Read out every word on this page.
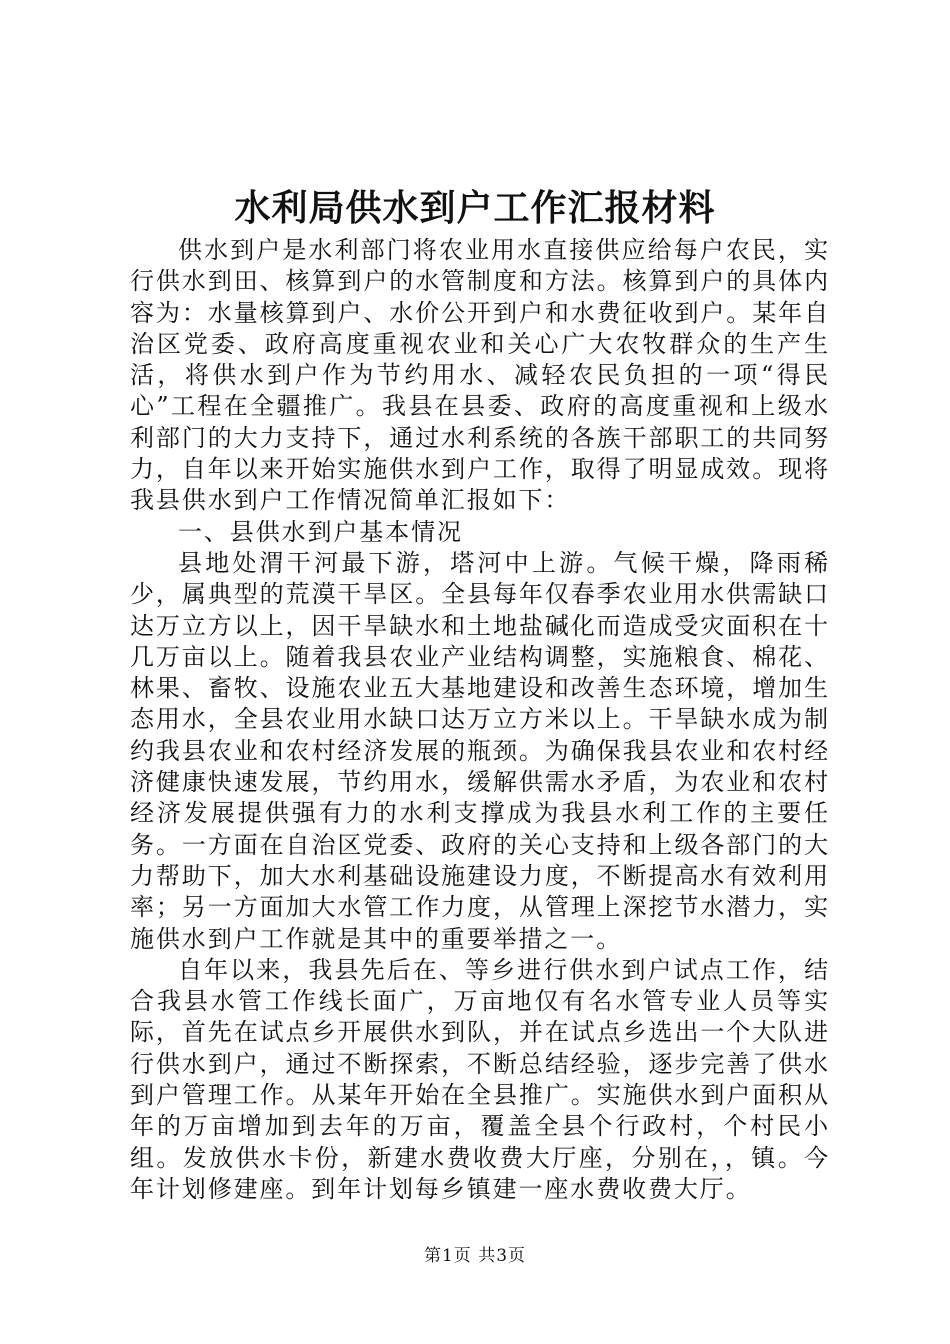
水利局供水到户工作汇报材料

供水到户是水利部门将农业用水直接供应给每户农民，实行供水到田、核算到户的水管制度和方法。核算到户的具体内容为：水量核算到户、水价公开到户和水费征收到户。某年自治区党委、政府高度重视农业和关心广大农牧群众的生产生活，将供水到户作为节约用水、减轻农民负担的一项“得民心”工程在全疆推广。我县在县委、政府的高度重视和上级水利部门的大力支持下，通过水利系统的各族干部职工的共同努力，自年以来开始实施供水到户工作，取得了明显成效。现将我县供水到户工作情况简单汇报如下：

一、县供水到户基本情况

县地处渭干河最下游，塔河中上游。气候干燥，降雨稀少，属典型的荒漠干旱区。全县每年仅春季农业用水供需缺口达万立方以上，因干旱缺水和土地盐碱化而造成受灾面积在十几万亩以上。随着我县农业产业结构调整，实施粮食、棉花、林果、畜牧、设施农业五大基地建设和改善生态环境，增加生态用水，全县农业用水缺口达万立方米以上。干旱缺水成为制约我县农业和农村经济发展的瓶颈。为确保我县农业和农村经济健康快速发展，节约用水，缓解供需水矛盾，为农业和农村经济发展提供强有力的水利支撑成为我县水利工作的主要任务。一方面在自治区党委、政府的关心支持和上级各部门的大力帮助下，加大水利基础设施建设力度，不断提高水有效利用率；另一方面加大水管工作力度，从管理上深挖节水潜力，实施供水到户工作就是其中的重要举措之一。

自年以来，我县先后在、等乡进行供水到户试点工作，结合我县水管工作线长面广，万亩地仅有名水管专业人员等实际，首先在试点乡开展供水到队，并在试点乡选出一个大队进行供水到户，通过不断探索，不断总结经验，逐步完善了供水到户管理工作。从某年开始在全县推广。实施供水到户面积从年的万亩增加到去年的万亩，覆盖全县个行政村，个村民小组。发放供水卡份，新建水费收费大厅座，分别在，，镇。今年计划修建座。到年计划每乡镇建一座水费收费大厅。

第1页 共3页
